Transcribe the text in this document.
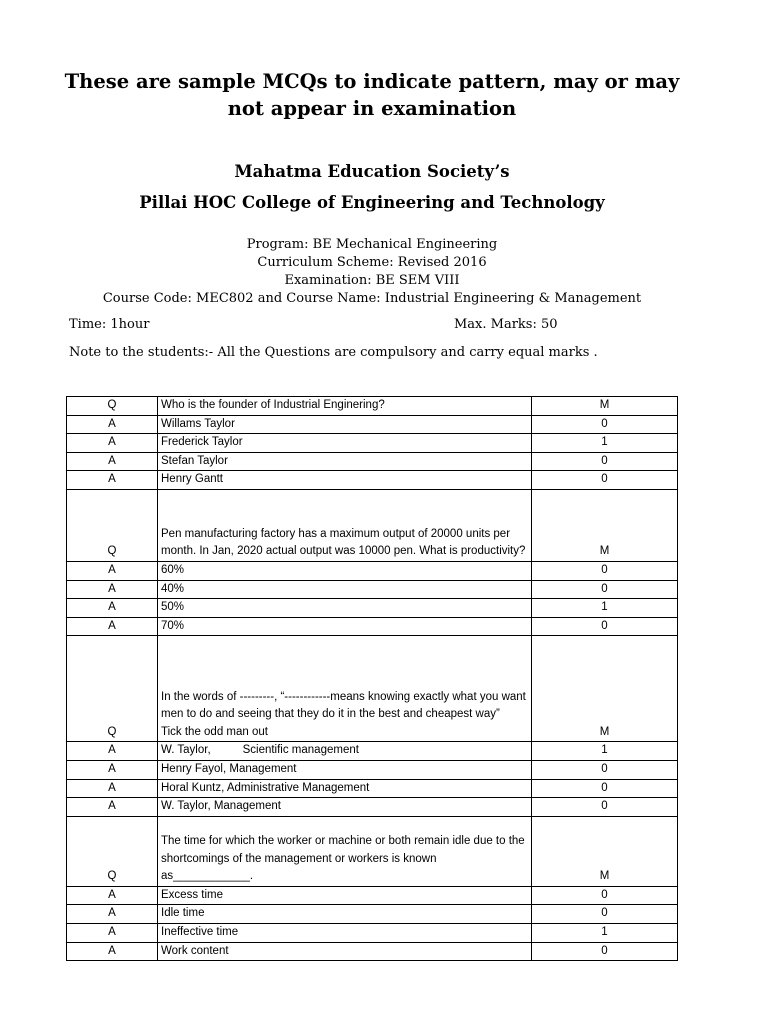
These are sample MCQs to indicate pattern, may or may not appear in examination
Mahatma Education Society’s
Pillai HOC College of Engineering and Technology
Program: BE Mechanical Engineering
Curriculum Scheme: Revised 2016
Examination: BE SEM VIII
Course Code: MEC802 and Course Name: Industrial Engineering & Management
Time: 1hour	Max. Marks: 50
Note to the students:- All the Questions are compulsory and carry equal marks .
Q	Who is the founder of Industrial Enginering?	M
A	Willams Taylor	0
A	Frederick Taylor	1
A	Stefan Taylor	0
A	Henry Gantt	0
Q	Pen manufacturing factory has a maximum output of 20000 units per month. In Jan, 2020 actual output was 10000 pen. What is productivity?	M
A	60%	0
A	40%	0
A	50%	1
A	70%	0
Q	In the words of ---------, “------------means knowing exactly what you want men to do and seeing that they do it in the best and cheapest way”
Tick the odd man out	M
A	W. Taylor,          Scientific management	1
A	Henry Fayol, Management	0
A	Horal Kuntz, Administrative Management	0
A	W. Taylor, Management	0
Q	The time for which the worker or machine or both remain idle due to the shortcomings of the management or workers is known as____________.	M
A	Excess time	0
A	Idle time	0
A	Ineffective time	1
A	Work content	0
